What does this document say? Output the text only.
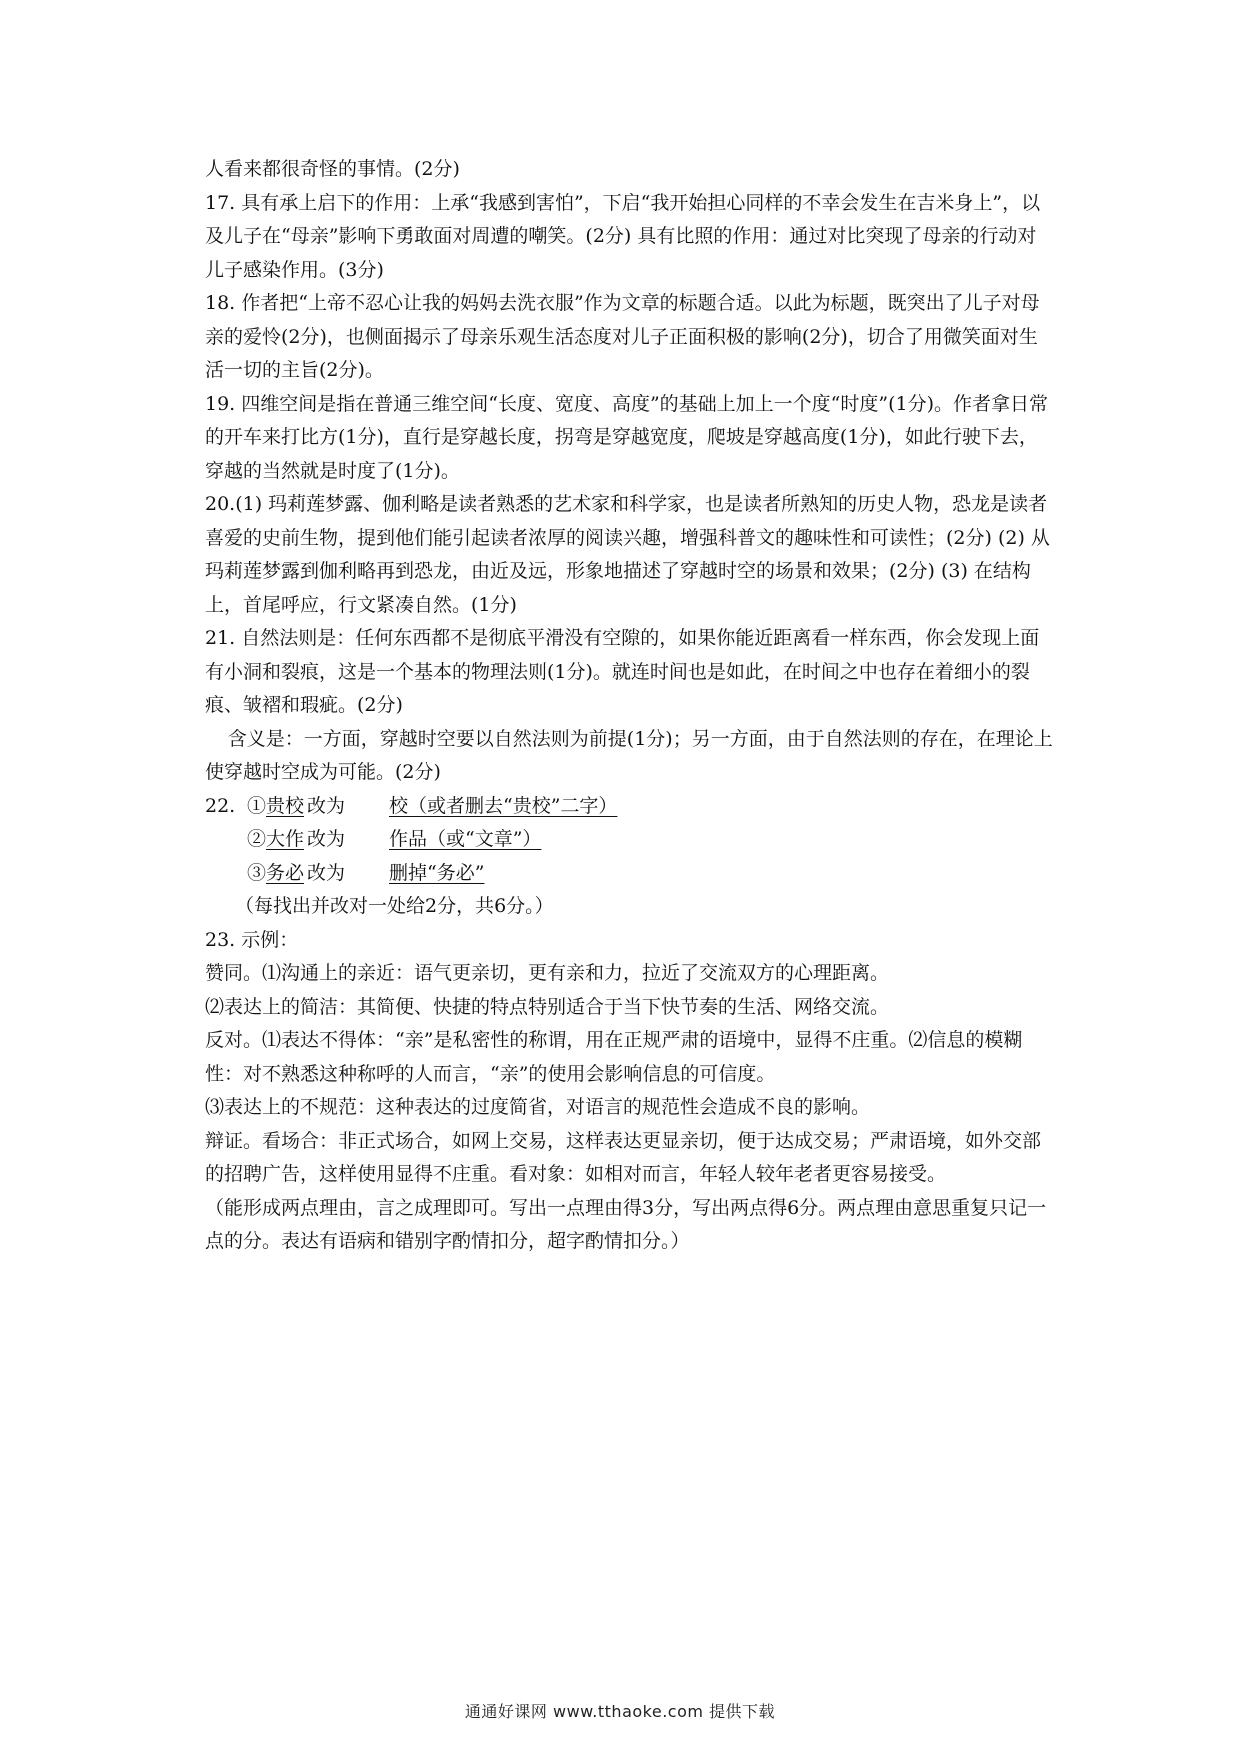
人看来都很奇怪的事情。(2分)

17. 具有承上启下的作用：上承“我感到害怕”，下启“我开始担心同样的不幸会发生在吉米身上”，以及儿子在“母亲”影响下勇敢面对周遭的嘲笑。(2分) 具有比照的作用：通过对比突现了母亲的行动对儿子感染作用。(3分)

18. 作者把“上帝不忍心让我的妈妈去洗衣服”作为文章的标题合适。以此为标题，既突出了儿子对母亲的爱怜(2分)，也侧面揭示了母亲乐观生活态度对儿子正面积极的影响(2分)，切合了用微笑面对生活一切的主旨(2分)。

19. 四维空间是指在普通三维空间“长度、宽度、高度”的基础上加上一个度“时度”(1分)。作者拿日常的开车来打比方(1分)，直行是穿越长度，拐弯是穿越宽度，爬坡是穿越高度(1分)，如此行驶下去，穿越的当然就是时度了(1分)。

20.(1) 玛莉莲梦露、伽利略是读者熟悉的艺术家和科学家，也是读者所熟知的历史人物，恐龙是读者喜爱的史前生物，提到他们能引起读者浓厚的阅读兴趣，增强科普文的趣味性和可读性；(2分) (2) 从玛莉莲梦露到伽利略再到恐龙，由近及远，形象地描述了穿越时空的场景和效果；(2分) (3) 在结构上，首尾呼应，行文紧凑自然。(1分)

21. 自然法则是：任何东西都不是彻底平滑没有空隙的，如果你能近距离看一样东西，你会发现上面有小洞和裂痕，这是一个基本的物理法则(1分)。就连时间也是如此，在时间之中也存在着细小的裂痕、皱褶和瑕疵。(2分)

含义是：一方面，穿越时空要以自然法则为前提(1分)；另一方面，由于自然法则的存在，在理论上使穿越时空成为可能。(2分)

22. ①贵校 改为	校（或者删去“贵校”二字）
②大作 改为	作品（或“文章”）
③务必 改为	删掉“务必”

（每找出并改对一处给2分，共6分。）

23. 示例：

赞同。⑴沟通上的亲近：语气更亲切，更有亲和力，拉近了交流双方的心理距离。

⑵表达上的简洁：其简便、快捷的特点特别适合于当下快节奏的生活、网络交流。

反对。⑴表达不得体：“亲”是私密性的称谓，用在正规严肃的语境中，显得不庄重。⑵信息的模糊性：对不熟悉这种称呼的人而言，“亲”的使用会影响信息的可信度。

⑶表达上的不规范：这种表达的过度简省，对语言的规范性会造成不良的影响。

辩证。看场合：非正式场合，如网上交易，这样表达更显亲切，便于达成交易；严肃语境，如外交部的招聘广告，这样使用显得不庄重。看对象：如相对而言，年轻人较年老者更容易接受。

（能形成两点理由，言之成理即可。写出一点理由得3分，写出两点得6分。两点理由意思重复只记一点的分。表达有语病和错别字酌情扣分，超字酌情扣分。）

通通好课网 www.tthaoke.com 提供下载
